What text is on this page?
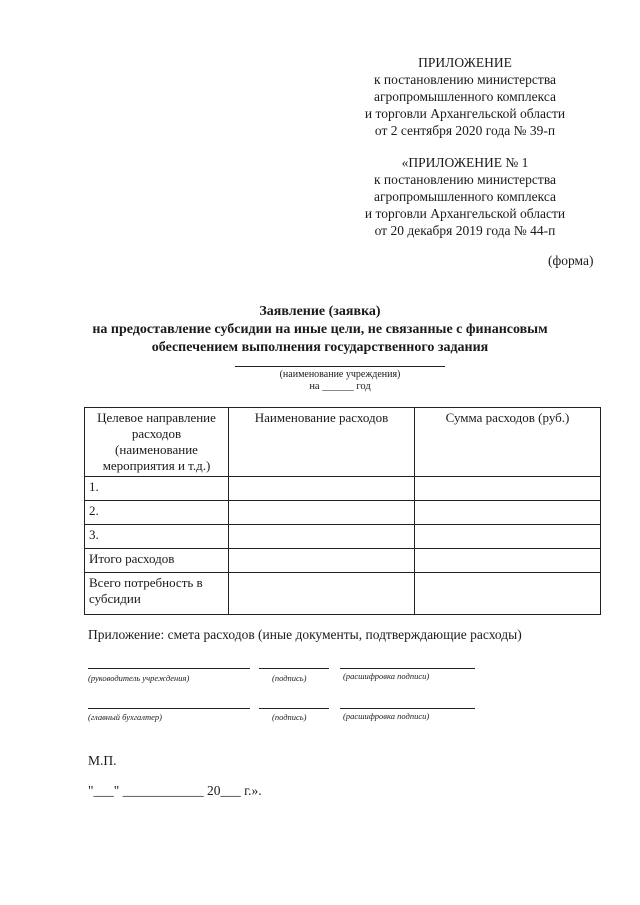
ПРИЛОЖЕНИЕ
к постановлению министерства
агропромышленного комплекса
и торговли Архангельской области
от 2 сентября 2020 года № 39-п
«ПРИЛОЖЕНИЕ № 1
к постановлению министерства
агропромышленного комплекса
и торговли Архангельской области
от 20 декабря 2019 года № 44-п
(форма)
Заявление (заявка)
на предоставление субсидии на иные цели, не связанные с финансовым
обеспечением выполнения государственного задания
(наименование учреждения)
на ______ год
Целевое направление расходов (наименование мероприятия и т.д.)	Наименование расходов	Сумма расходов (руб.)
1.		
2.		
3.		
Итого расходов		
Всего потребность в субсидии		
Приложение: смета расходов (иные документы, подтверждающие расходы)
(руководитель учреждения)	(подпись)	(расшифровка подписи)
(главный бухгалтер)	(подпись)	(расшифровка подписи)
М.П.
"___" ____________ 20___ г.».
